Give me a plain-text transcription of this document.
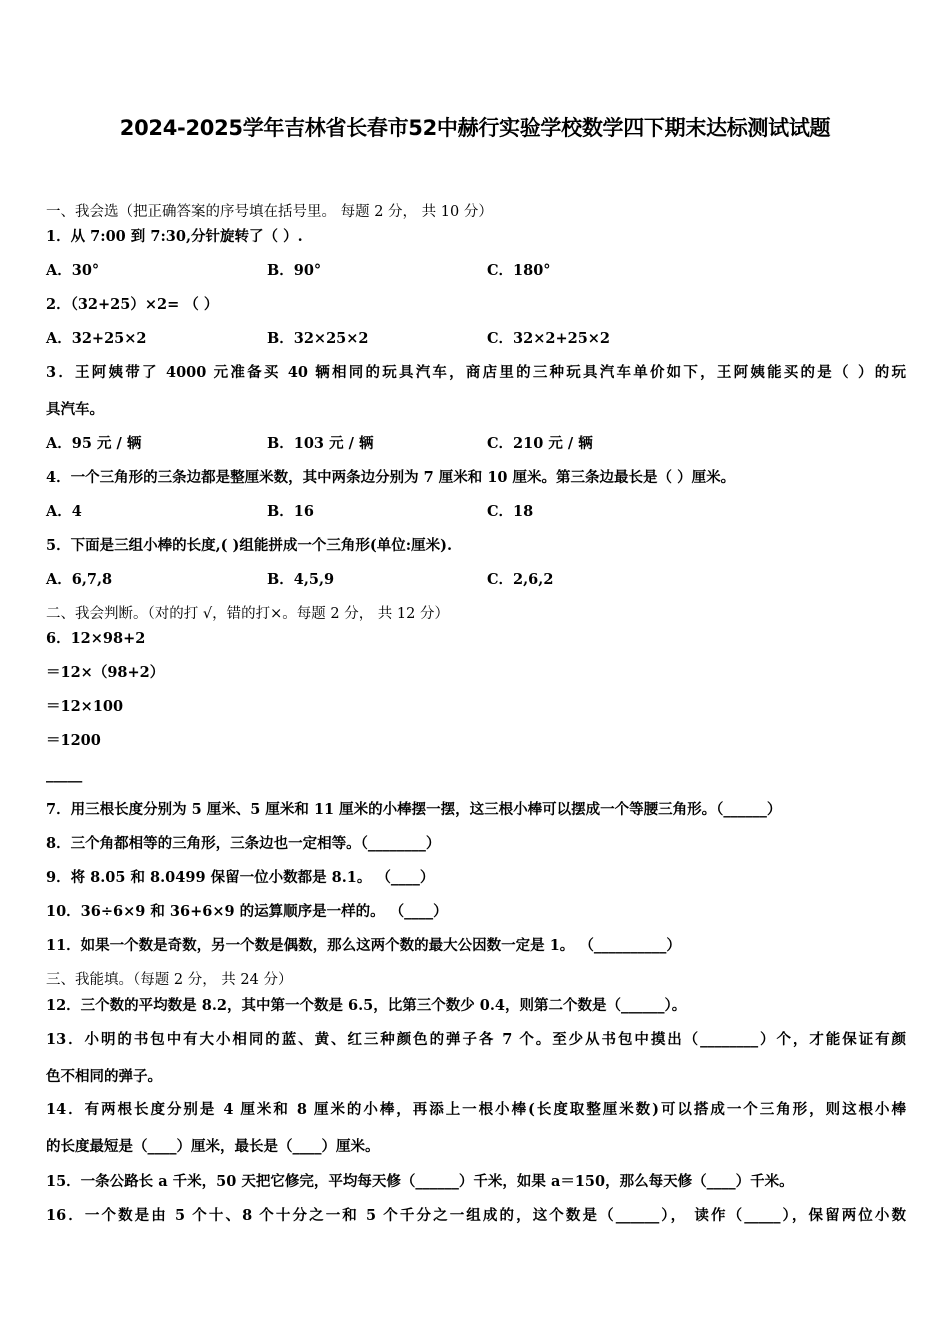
2024-2025学年吉林省长春市52中赫行实验学校数学四下期末达标测试试题
一、我会选（把正确答案的序号填在括号里。 每题 2 分， 共 10 分）
1．从 7:00 到 7:30,分针旋转了（ ）.
A．30°	B．90°	C．180°
2．（32+25）×2= （ ）
A．32+25×2	B．32×25×2	C．32×2+25×2
3．王阿姨带了 4000 元准备买 40 辆相同的玩具汽车，商店里的三种玩具汽车单价如下，王阿姨能买的是（ ）的玩
具汽车。
A．95 元 / 辆	B．103 元 / 辆	C．210 元 / 辆
4．一个三角形的三条边都是整厘米数，其中两条边分别为 7 厘米和 10 厘米。第三条边最长是（ ）厘米。
A．4	B．16	C．18
5．下面是三组小棒的长度,( )组能拼成一个三角形(单位:厘米).
A．6,7,8	B．4,5,9	C．2,6,2
二、我会判断。（对的打 √，错的打×。每题 2 分， 共 12 分）
6．12×98+2
＝12×（98+2）
＝12×100
＝1200
_____
7．用三根长度分别为 5 厘米、5 厘米和 11 厘米的小棒摆一摆，这三根小棒可以摆成一个等腰三角形。（______）
8．三个角都相等的三角形，三条边也一定相等。（________）
9．将 8.05 和 8.0499 保留一位小数都是 8.1。 （____）
10．36÷6×9 和 36+6×9 的运算顺序是一样的。 （____）
11．如果一个数是奇数，另一个数是偶数，那么这两个数的最大公因数一定是 1。 （__________）
三、我能填。（每题 2 分， 共 24 分）
12．三个数的平均数是 8.2，其中第一个数是 6.5，比第三个数少 0.4，则第二个数是（______）。
13．小明的书包中有大小相同的蓝、黄、红三种颜色的弹子各 7 个。至少从书包中摸出（________）个，才能保证有颜
色不相同的弹子。
14．有两根长度分别是 4 厘米和 8 厘米的小棒，再添上一根小棒(长度取整厘米数)可以搭成一个三角形，则这根小棒
的长度最短是（____）厘米，最长是（____）厘米。
15．一条公路长 a 千米，50 天把它修完，平均每天修（______）千米，如果 a＝150，那么每天修（____）千米。
16．一个数是由 5 个十、8 个十分之一和 5 个千分之一组成的，这个数是（______）， 读作（_____），保留两位小数
